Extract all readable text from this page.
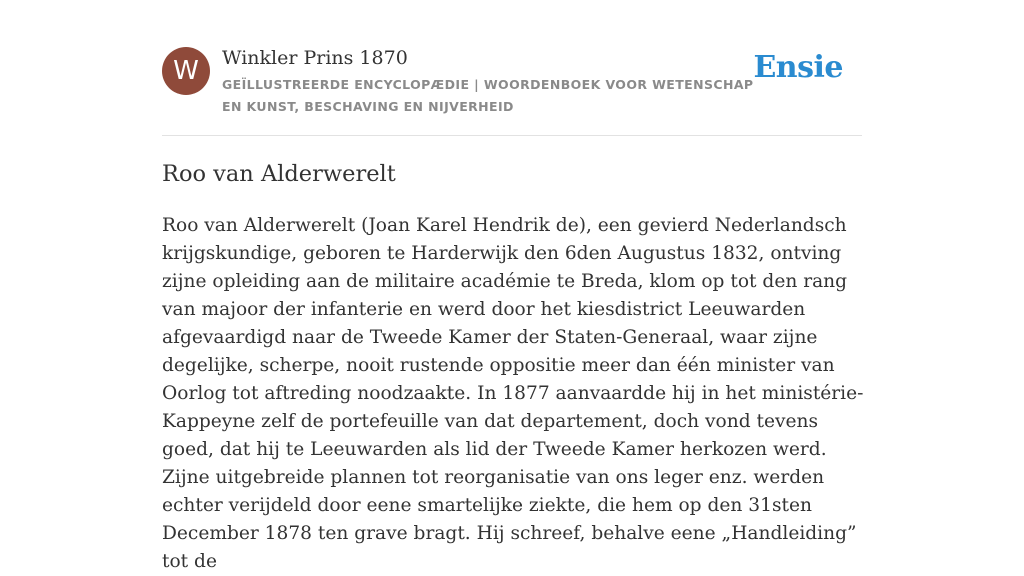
W	Winkler Prins 1870
GEÏLLUSTREERDE ENCYCLOPÆDIE | WOORDENBOEK VOOR WETENSCHAP EN KUNST, BESCHAVING EN NIJVERHEID
Ensie
Roo van Alderwerelt

Roo van Alderwerelt (Joan Karel Hendrik de), een gevierd Nederlandsch krijgskundige, geboren te Harderwijk den 6den Augustus 1832, ontving zijne opleiding aan de militaire académie te Breda, klom op tot den rang van majoor der infanterie en werd door het kiesdistrict Leeuwarden afgevaardigd naar de Tweede Kamer der Staten-Generaal, waar zijne degelijke, scherpe, nooit rustende oppositie meer dan één minister van Oorlog tot aftreding noodzaakte. In 1877 aanvaardde hij in het ministérie-Kappeyne zelf de portefeuille van dat departement, doch vond tevens goed, dat hij te Leeuwarden als lid der Tweede Kamer herkozen werd. Zijne uitgebreide plannen tot reorganisatie van ons leger enz. werden echter verijdeld door eene smartelijke ziekte, die hem op den 31sten December 1878 ten grave bragt. Hij schreef, behalve eene „Handleiding” tot de
